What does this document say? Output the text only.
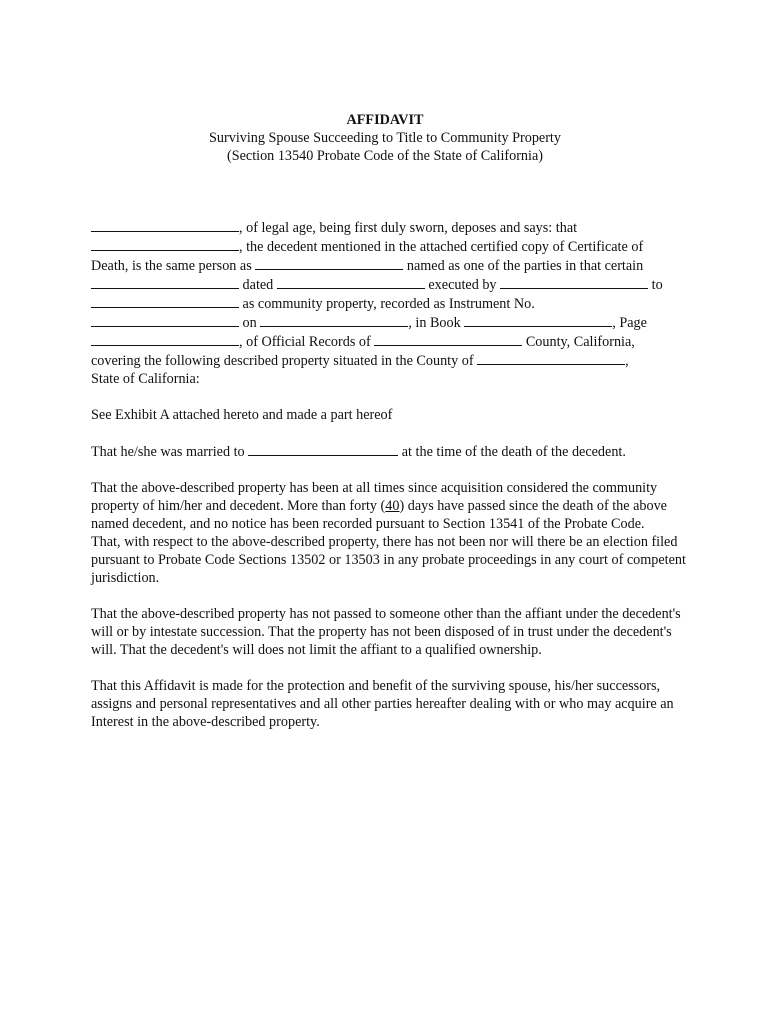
AFFIDAVIT
Surviving Spouse Succeeding to Title to Community Property
(Section 13540 Probate Code of the State of California)

, of legal age, being first duly sworn, deposes and says: that
, the decedent mentioned in the attached certified copy of Certificate of
Death, is the same person as	named as one of the parties in that certain
dated	executed by	to
as community property, recorded as Instrument No.
on	, in Book	, Page
, of Official Records of	County, California,
covering the following described property situated in the County of	,
State of California:

See Exhibit A attached hereto and made a part hereof

That he/she was married to	at the time of the death of the decedent.

That the above-described property has been at all times since acquisition considered the community property of him/her and decedent. More than forty (40) days have passed since the death of the above named decedent, and no notice has been recorded pursuant to Section 13541 of the Probate Code.

That, with respect to the above-described property, there has not been nor will there be an election filed pursuant to Probate Code Sections 13502 or 13503 in any probate proceedings in any court of competent jurisdiction.

That the above-described property has not passed to someone other than the affiant under the decedent's will or by intestate succession. That the property has not been disposed of in trust under the decedent's will. That the decedent's will does not limit the affiant to a qualified ownership.

That this Affidavit is made for the protection and benefit of the surviving spouse, his/her successors, assigns and personal representatives and all other parties hereafter dealing with or who may acquire an Interest in the above-described property.
